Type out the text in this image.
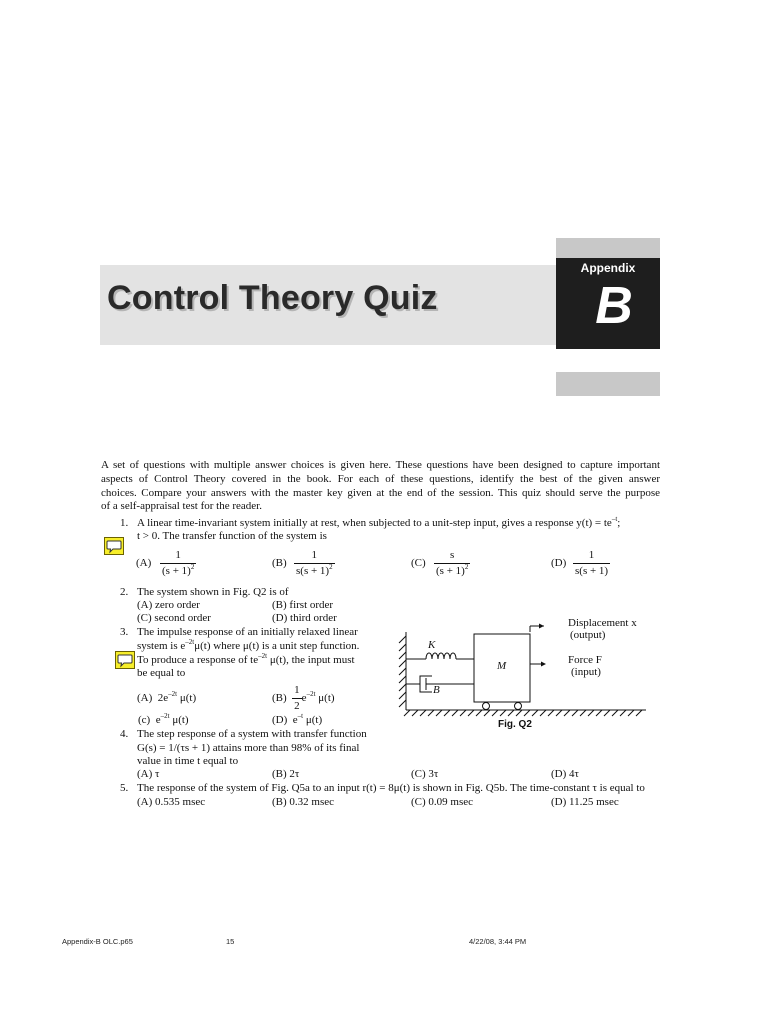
Control Theory Quiz
Appendix
B
A set of questions with multiple answer choices is given here. These questions have been designed to capture important
aspects of Control Theory covered in the book. For each of these questions, identify the best of the given answer
choices. Compare your answers with the master key given at the end of the session. This quiz should serve the purpose
of a self-appraisal test for the reader.
1. A linear time-invariant system initially at rest, when subjected to a unit-step input, gives a response $y(t) = te^{-t}$;
t > 0. The transfer function of the system is
$(A) \frac{1}{(s + 1)^2}$	$(B) \frac{1}{s(s + 1)^2}$	$(C) \frac{s}{(s + 1)^2}$	$(D) \frac{1}{s(s + 1)}$
2. The system shown in Fig. Q2 is of
(A) zero order	(B) first order
(C) second order	(D) third order
3. The impulse response of an initially relaxed linear
system is $e^{-2t}\mu(t)$ where μ(t) is a unit step function.
To produce a response of $te^{-2t}$ μ(t), the input must
be equal to
(A) $2e^{-2t}$ μ(t)	$(B) \frac{1}{2} e^{-2t}$ μ(t)
(c) $e^{-2t}$ μ(t)	(D) $e^{-t}$ μ(t)
K
M
B
Displacement x
(output)
Force F
(input)
Fig. Q2
4. The step response of a system with transfer function
G(s) = 1/(τs + 1) attains more than 98% of its final
value in time t equal to
(A) τ	(B) 2τ	(C) 3τ	(D) 4τ
5. The response of the system of Fig. Q5a to an input r(t) = 8μ(t) is shown in Fig. Q5b. The time-constant τ is equal to
(A) 0.535 msec	(B) 0.32 msec	(C) 0.09 msec	(D) 11.25 msec
Appendix-B OLC.p65	15	4/22/08, 3:44 PM
